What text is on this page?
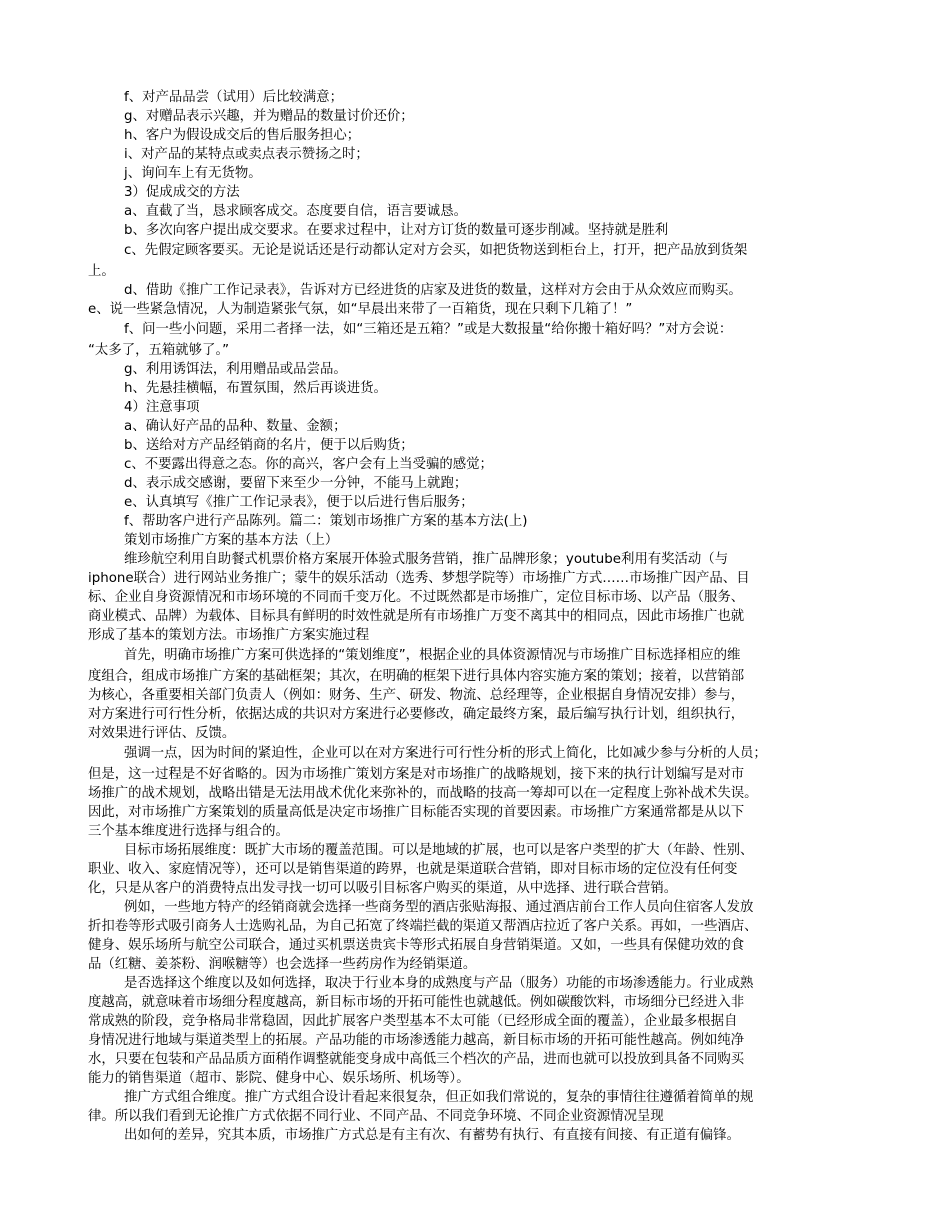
f、对产品品尝（试用）后比较满意；
g、对赠品表示兴趣，并为赠品的数量讨价还价；
h、客户为假设成交后的售后服务担心；
i、对产品的某特点或卖点表示赞扬之时；
j、询问车上有无货物。
3）促成成交的方法
a、直截了当，恳求顾客成交。态度要自信，语言要诚恳。
b、多次向客户提出成交要求。在要求过程中，让对方订货的数量可逐步削减。坚持就是胜利
c、先假定顾客要买。无论是说话还是行动都认定对方会买，如把货物送到柜台上，打开，把产品放到货架
上。
d、借助《推广工作记录表》，告诉对方已经进货的店家及进货的数量，这样对方会由于从众效应而购买。
e、说一些紧急情况，人为制造紧张气氛，如“早晨出来带了一百箱货，现在只剩下几箱了！”
f、问一些小问题，采用二者择一法，如“三箱还是五箱？”或是大数报量“给你搬十箱好吗？”对方会说：
“太多了，五箱就够了。”
g、利用诱饵法，利用赠品或品尝品。
h、先悬挂横幅，布置氛围，然后再谈进货。
4）注意事项
a、确认好产品的品种、数量、金额；
b、送给对方产品经销商的名片，便于以后购货；
c、不要露出得意之态。你的高兴，客户会有上当受骗的感觉；
d、表示成交感谢，要留下来至少一分钟，不能马上就跑；
e、认真填写《推广工作记录表》，便于以后进行售后服务；
f、帮助客户进行产品陈列。篇二：策划市场推广方案的基本方法(上)
策划市场推广方案的基本方法（上）
维珍航空利用自助餐式机票价格方案展开体验式服务营销，推广品牌形象；youtube利用有奖活动（与
iphone联合）进行网站业务推广；蒙牛的娱乐活动（选秀、梦想学院等）市场推广方式……市场推广因产品、目
标、企业自身资源情况和市场环境的不同而千变万化。不过既然都是市场推广，定位目标市场、以产品（服务、
商业模式、品牌）为载体、目标具有鲜明的时效性就是所有市场推广万变不离其中的相同点，因此市场推广也就
形成了基本的策划方法。市场推广方案实施过程
首先，明确市场推广方案可供选择的“策划维度”，根据企业的具体资源情况与市场推广目标选择相应的维
度组合，组成市场推广方案的基础框架；其次，在明确的框架下进行具体内容实施方案的策划；接着，以营销部
为核心，各重要相关部门负责人（例如：财务、生产、研发、物流、总经理等，企业根据自身情况安排）参与，
对方案进行可行性分析，依据达成的共识对方案进行必要修改，确定最终方案，最后编写执行计划，组织执行，
对效果进行评估、反馈。
强调一点，因为时间的紧迫性，企业可以在对方案进行可行性分析的形式上简化，比如减少参与分析的人员；
但是，这一过程是不好省略的。因为市场推广策划方案是对市场推广的战略规划，接下来的执行计划编写是对市
场推广的战术规划，战略出错是无法用战术优化来弥补的，而战略的技高一筹却可以在一定程度上弥补战术失误。
因此，对市场推广方案策划的质量高低是决定市场推广目标能否实现的首要因素。市场推广方案通常都是从以下
三个基本维度进行选择与组合的。
目标市场拓展维度：既扩大市场的覆盖范围。可以是地域的扩展，也可以是客户类型的扩大（年龄、性别、
职业、收入、家庭情况等），还可以是销售渠道的跨界，也就是渠道联合营销，即对目标市场的定位没有任何变
化，只是从客户的消费特点出发寻找一切可以吸引目标客户购买的渠道，从中选择、进行联合营销。
例如，一些地方特产的经销商就会选择一些商务型的酒店张贴海报、通过酒店前台工作人员向住宿客人发放
折扣卷等形式吸引商务人士选购礼品，为自己拓宽了终端拦截的渠道又帮酒店拉近了客户关系。再如，一些酒店、
健身、娱乐场所与航空公司联合，通过买机票送贵宾卡等形式拓展自身营销渠道。又如，一些具有保健功效的食
品（红糖、姜茶粉、润喉糖等）也会选择一些药房作为经销渠道。
是否选择这个维度以及如何选择，取决于行业本身的成熟度与产品（服务）功能的市场渗透能力。行业成熟
度越高，就意味着市场细分程度越高，新目标市场的开拓可能性也就越低。例如碳酸饮料，市场细分已经进入非
常成熟的阶段，竞争格局非常稳固，因此扩展客户类型基本不太可能（已经形成全面的覆盖），企业最多根据自
身情况进行地域与渠道类型上的拓展。产品功能的市场渗透能力越高，新目标市场的开拓可能性越高。例如纯净
水，只要在包装和产品品质方面稍作调整就能变身成中高低三个档次的产品，进而也就可以投放到具备不同购买
能力的销售渠道（超市、影院、健身中心、娱乐场所、机场等）。
推广方式组合维度。推广方式组合设计看起来很复杂，但正如我们常说的，复杂的事情往往遵循着简单的规
律。所以我们看到无论推广方式依据不同行业、不同产品、不同竞争环境、不同企业资源情况呈现
出如何的差异，究其本质，市场推广方式总是有主有次、有蓄势有执行、有直接有间接、有正道有偏锋。
